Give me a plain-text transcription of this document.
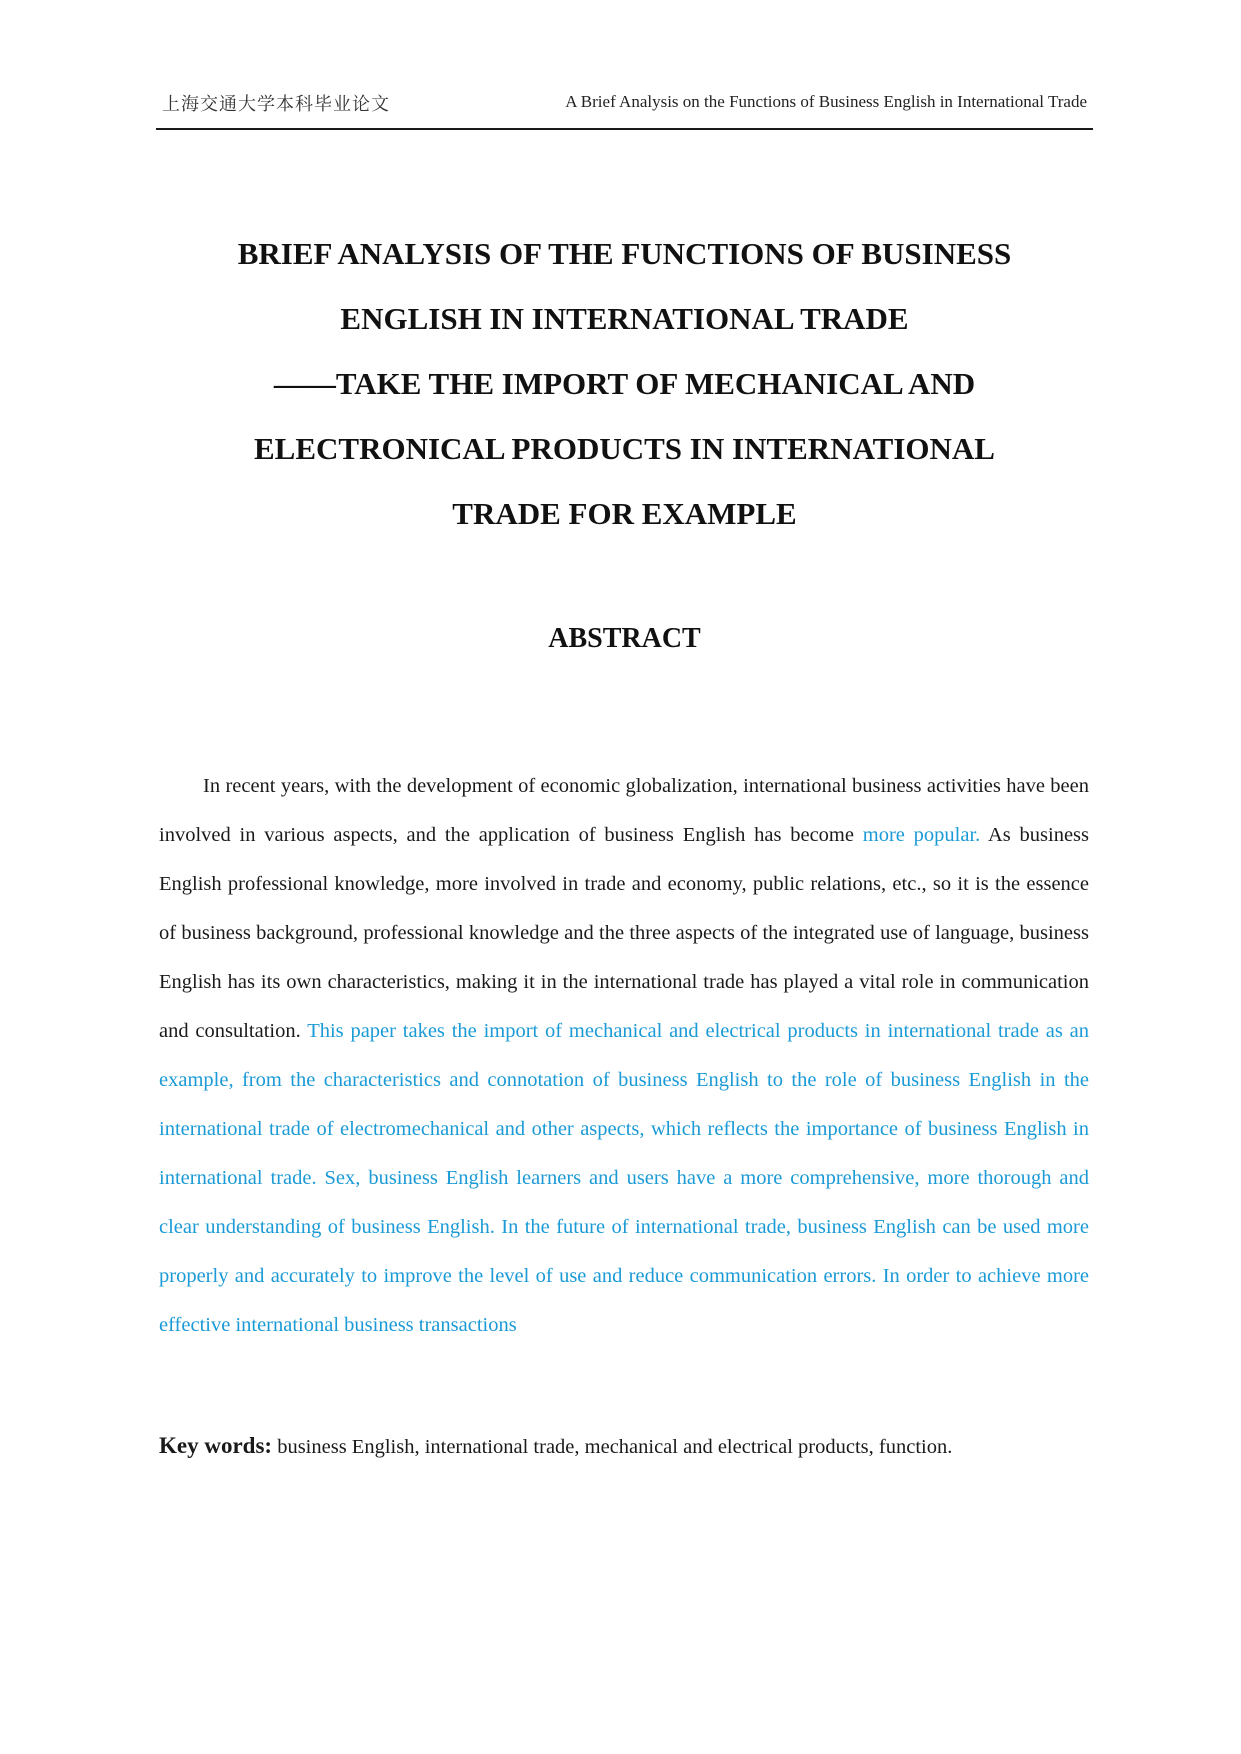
上海交通大学本科毕业论文	A Brief Analysis on the Functions of Business English in International Trade
BRIEF ANALYSIS OF THE FUNCTIONS OF BUSINESS
ENGLISH IN INTERNATIONAL TRADE
——TAKE THE IMPORT OF MECHANICAL AND
ELECTRONICAL PRODUCTS IN INTERNATIONAL
TRADE FOR EXAMPLE
ABSTRACT

In recent years, with the development of economic globalization, international business activities have been involved in various aspects, and the application of business English has become more popular. As business English professional knowledge, more involved in trade and economy, public relations, etc., so it is the essence of business background, professional knowledge and the three aspects of the integrated use of language, business English has its own characteristics, making it in the international trade has played a vital role in communication and consultation. This paper takes the import of mechanical and electrical products in international trade as an example, from the characteristics and connotation of business English to the role of business English in the international trade of electromechanical and other aspects, which reflects the importance of business English in international trade. Sex, business English learners and users have a more comprehensive, more thorough and clear understanding of business English. In the future of international trade, business English can be used more properly and accurately to improve the level of use and reduce communication errors. In order to achieve more effective international business transactions

Key words: business English, international trade, mechanical and electrical products, function.
